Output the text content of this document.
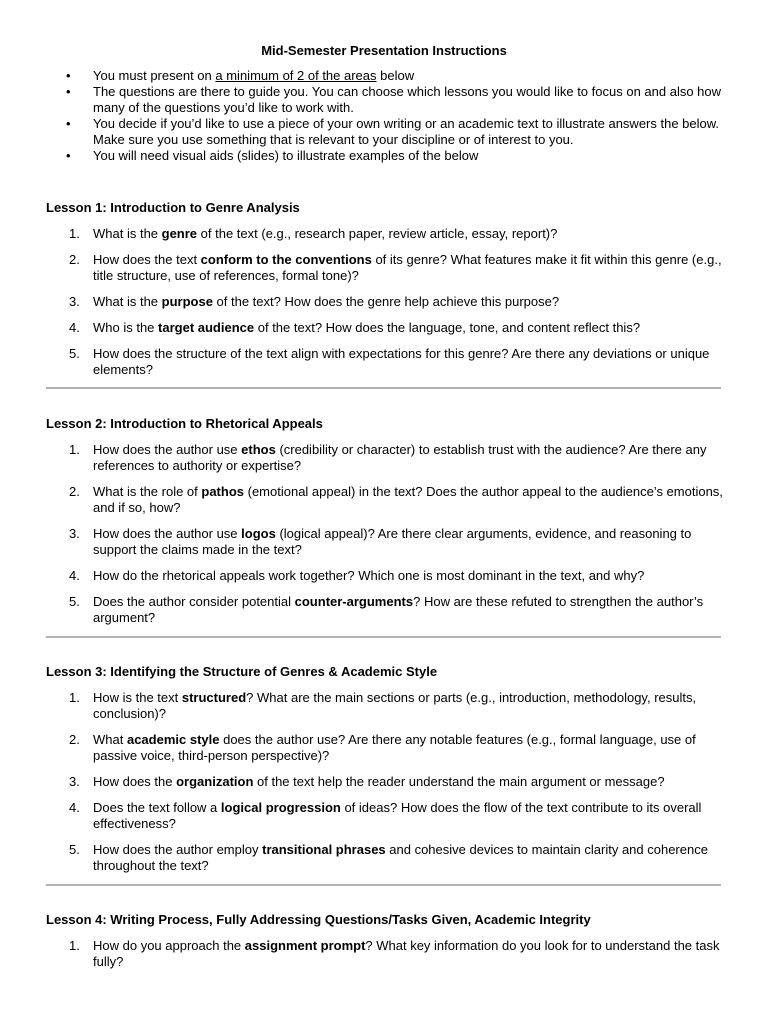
Mid-Semester Presentation Instructions
• You must present on a minimum of 2 of the areas below
• The questions are there to guide you. You can choose which lessons you would like to focus on and also how many of the questions you’d like to work with.
• You decide if you’d like to use a piece of your own writing or an academic text to illustrate answers the below. Make sure you use something that is relevant to your discipline or of interest to you.
• You will need visual aids (slides) to illustrate examples of the below

Lesson 1: Introduction to Genre Analysis

1. What is the genre of the text (e.g., research paper, review article, essay, report)?
2. How does the text conform to the conventions of its genre? What features make it fit within this genre (e.g., title structure, use of references, formal tone)?
3. What is the purpose of the text? How does the genre help achieve this purpose?
4. Who is the target audience of the text? How does the language, tone, and content reflect this?
5. How does the structure of the text align with expectations for this genre? Are there any deviations or unique elements?

Lesson 2: Introduction to Rhetorical Appeals

1. How does the author use ethos (credibility or character) to establish trust with the audience? Are there any references to authority or expertise?
2. What is the role of pathos (emotional appeal) in the text? Does the author appeal to the audience’s emotions, and if so, how?
3. How does the author use logos (logical appeal)? Are there clear arguments, evidence, and reasoning to support the claims made in the text?
4. How do the rhetorical appeals work together? Which one is most dominant in the text, and why?
5. Does the author consider potential counter-arguments? How are these refuted to strengthen the author’s argument?

Lesson 3: Identifying the Structure of Genres & Academic Style

1. How is the text structured? What are the main sections or parts (e.g., introduction, methodology, results, conclusion)?
2. What academic style does the author use? Are there any notable features (e.g., formal language, use of passive voice, third-person perspective)?
3. How does the organization of the text help the reader understand the main argument or message?
4. Does the text follow a logical progression of ideas? How does the flow of the text contribute to its overall effectiveness?
5. How does the author employ transitional phrases and cohesive devices to maintain clarity and coherence throughout the text?

Lesson 4: Writing Process, Fully Addressing Questions/Tasks Given, Academic Integrity

1. How do you approach the assignment prompt? What key information do you look for to understand the task fully?
